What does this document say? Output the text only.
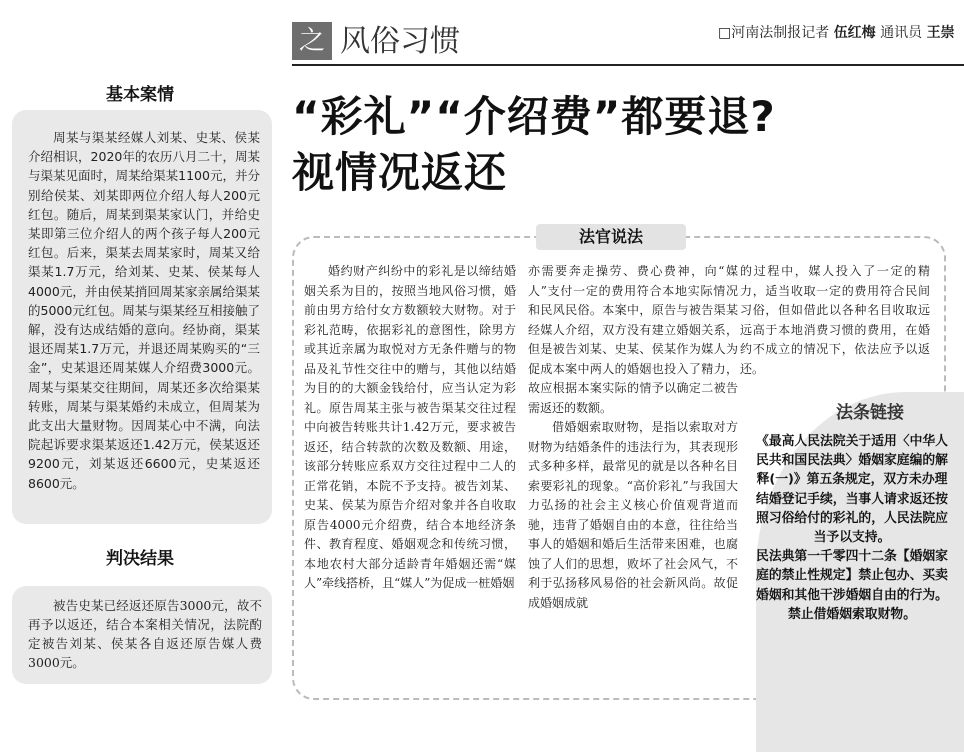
之 风俗习惯	□河南法制报记者 伍红梅 通讯员 王崇
“彩礼”“介绍费”都要退?
视情况返还
基本案情

周某与渠某经媒人刘某、史某、侯某介绍相识，2020年的农历八月二十，周某与渠某见面时，周某给渠某1100元，并分别给侯某、刘某即两位介绍人每人200元红包。随后，周某到渠某家认门，并给史某即第三位介绍人的两个孩子每人200元红包。后来，渠某去周某家时，周某又给渠某1.7万元，给刘某、史某、侯某每人4000元，并由侯某捎回周某家亲属给渠某的5000元红包。周某与渠某经互相接触了解，没有达成结婚的意向。经协商，渠某退还周某1.7万元，并退还周某购买的“三金”，史某退还周某媒人介绍费3000元。周某与渠某交往期间，周某还多次给渠某转账，周某与渠某婚约未成立，但周某为此支出大量财物。因周某心中不满，向法院起诉要求渠某返还1.42万元，侯某返还9200元，刘某返还6600元，史某返还8600元。

判决结果

被告史某已经返还原告3000元，故不再予以返还，结合本案相关情况，法院酌定被告刘某、侯某各自返还原告媒人费3000元。

法官说法

婚约财产纠纷中的彩礼是以缔结婚姻关系为目的，按照当地风俗习惯，婚前由男方给付女方数额较大财物。对于彩礼范畴，依据彩礼的意图性，除男方或其近亲属为取悦对方无条件赠与的物品及礼节性交往中的赠与，其他以结婚为目的的大额金钱给付，应当认定为彩礼。原告周某主张与被告渠某交往过程中向被告转账共计1.42万元，要求被告返还，结合转款的次数及数额、用途，该部分转账应系双方交往过程中二人的正常花销，本院不予支持。被告刘某、史某、侯某为原告介绍对象并各自收取原告4000元介绍费，结合本地经济条件、教育程度、婚姻观念和传统习惯，本地农村大部分适龄青年婚姻还需“媒人”牵线搭桥，且“媒人”为促成一桩婚姻

亦需要奔走操劳、费心费神，向“媒人”支付一定的费用符合本地实际情况和民风民俗。本案中，原告与被告渠某经媒人介绍，双方没有建立婚姻关系，但是被告刘某、史某、侯某作为媒人为促成本案中两人的婚姻也投入了精力，故应根据本案实际的情予以确定二被告需返还的数额。

借婚姻索取财物，是指以索取对方财物为结婚条件的违法行为，其表现形式多种多样，最常见的就是以各种名目索要彩礼的现象。“高价彩礼”与我国大力弘扬的社会主义核心价值观背道而驰，违背了婚姻自由的本意，往往给当事人的婚姻和婚后生活带来困难，也腐蚀了人们的思想，败坏了社会风气，不利于弘扬移风易俗的社会新风尚。故促成婚姻成就

的过程中，媒人投入了一定的精力，适当收取一定的费用符合民间习俗，但如借此以各种名目收取远远高于本地消费习惯的费用，在婚约不成立的情况下，依法应予以返还。

法条链接

《最高人民法院关于适用〈中华人民共和国民法典〉婚姻家庭编的解释(一)》第五条规定，双方未办理结婚登记手续，当事人请求返还按照习俗给付的彩礼的，人民法院应当予以支持。

民法典第一千零四十二条【婚姻家庭的禁止性规定】禁止包办、买卖婚姻和其他干涉婚姻自由的行为。禁止借婚姻索取财物。
